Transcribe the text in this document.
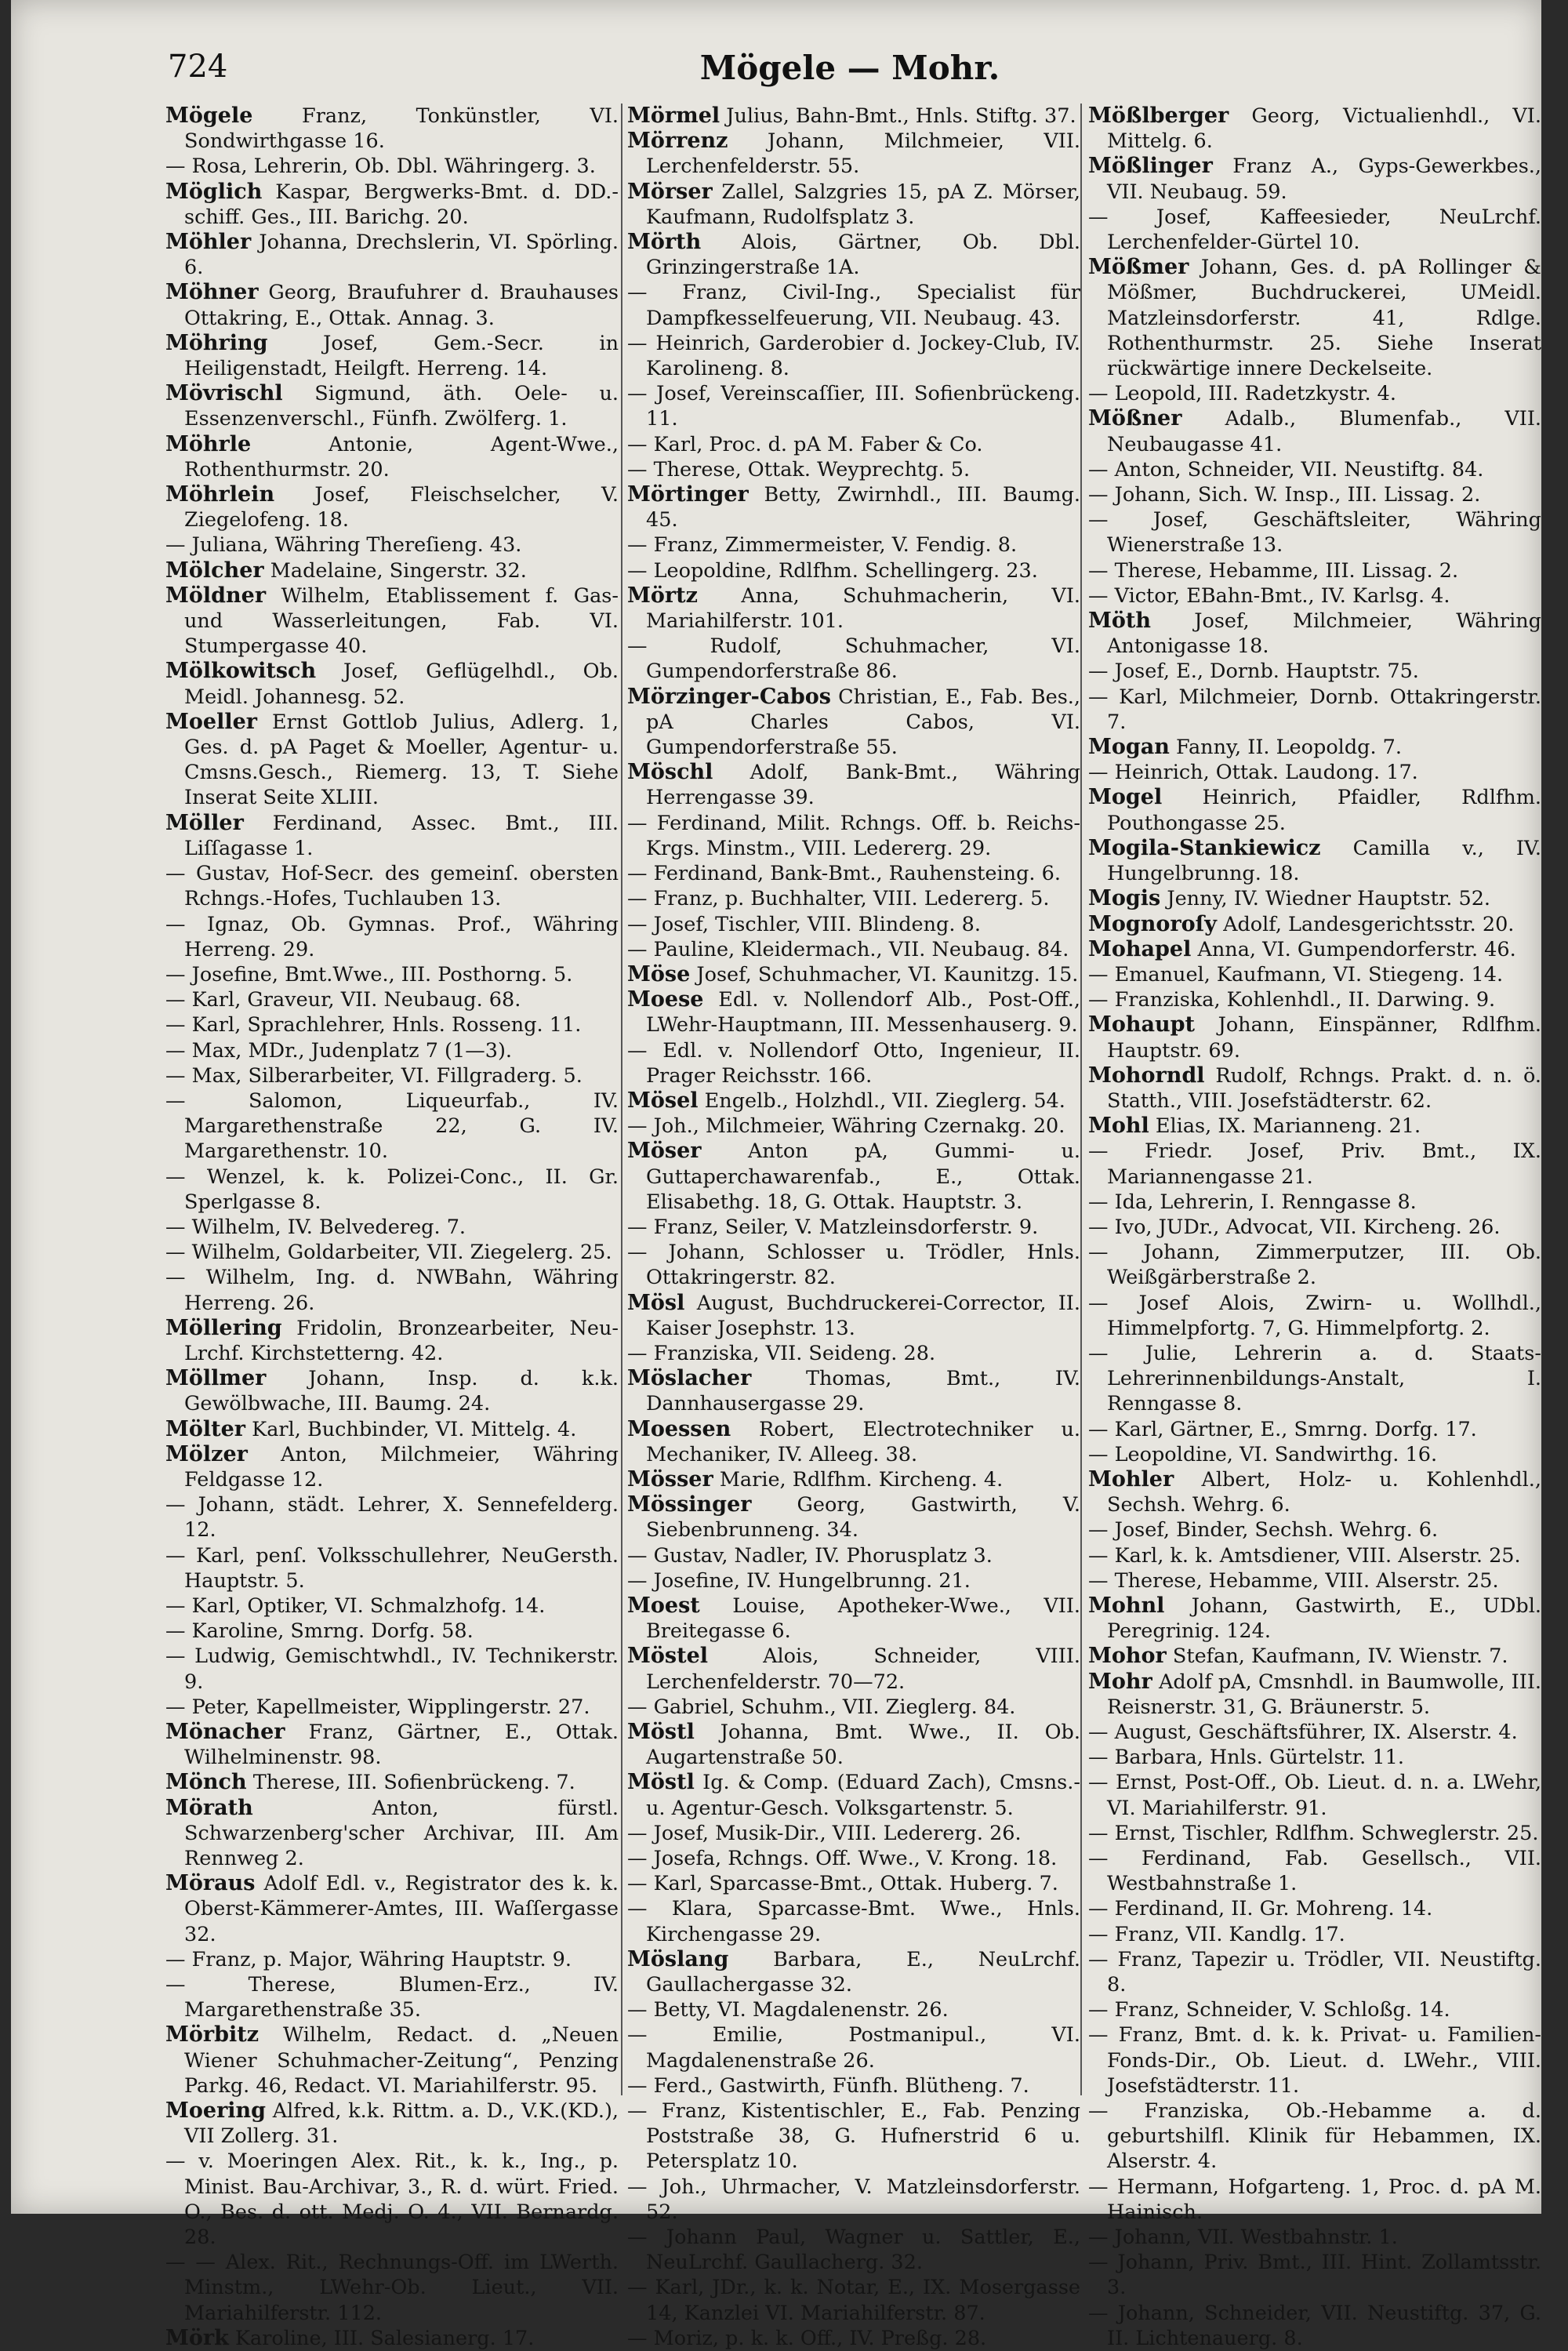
724	Mögele — Mohr.

Mögele Franz, Tonkünstler, VI. Sondwirthgasse 16.

— Rosa, Lehrerin, Ob. Dbl. Währingerg. 3.

Möglich Kaspar, Bergwerks-Bmt. d. DD.-schiff. Ges., III. Barichg. 20.

Möhler Johanna, Drechslerin, VI. Spörling. 6.

Möhner Georg, Braufuhrer d. Brauhauses Ottakring, E., Ottak. Annag. 3.

Möhring	Josef, Gem.-Secr. in Heiligenstadt, Heilgft. Herreng. 14.

Mövrischl Sigmund, äth. Oele- u. Essenzenverschl., Fünfh. Zwölferg. 1.

Möhrle	Antonie, Agent-Wwe., Rothenthurmstr. 20.

Möhrlein Josef, Fleischselcher, V. Ziegelofeng. 18.

— Juliana, Währing Thereſieng. 43.

Mölcher Madelaine, Singerstr. 32.

Möldner Wilhelm, Etablissement f. Gas- und Wasserleitungen, Fab. VI. Stumpergasse 40.

Mölkowitsch Josef, Geflügelhdl., Ob. Meidl. Johannesg. 52.

Moeller Ernst Gottlob Julius, Adlerg. 1, Ges. d. pA Paget & Moeller, Agentur- u. Cmsns.Gesch., Riemerg. 13, T. Siehe Inserat Seite XLIII.

Möller Ferdinand, Assec. Bmt., III. Liſſagasse 1.

— Gustav, Hof-Secr. des gemeinſ. obersten Rchngs.-Hofes, Tuchlauben 13.

— Ignaz, Ob. Gymnas. Prof., Währing Herreng. 29.

— Josefine, Bmt.Wwe., III. Posthorng. 5.

— Karl, Graveur, VII. Neubaug. 68.

— Karl, Sprachlehrer, Hnls. Rosseng. 11.

— Max, MDr., Judenplatz 7 (1—3).

— Max, Silberarbeiter, VI. Fillgraderg. 5.

— Salomon, Liqueurfab., IV. Margarethenstraße 22, G. IV. Margarethenstr. 10.

— Wenzel, k. k. Polizei-Conc., II. Gr. Sperlgasse 8.

— Wilhelm, IV. Belvedereg. 7.

— Wilhelm, Goldarbeiter, VII. Ziegelerg. 25.

— Wilhelm, Ing. d. NWBahn, Währing Herreng. 26.

Möllering Fridolin, Bronzearbeiter, Neu-Lrchf. Kirchstetterng. 42.

Möllmer Johann, Insp. d. k.k. Gewölbwache, III. Baumg. 24.

Mölter Karl, Buchbinder, VI. Mittelg. 4.

Mölzer Anton, Milchmeier, Währing Feldgasse 12.

— Johann, städt. Lehrer, X. Sennefelderg. 12.

— Karl, penſ. Volksschullehrer, NeuGersth. Hauptstr. 5.

— Karl, Optiker, VI. Schmalzhofg. 14.

— Karoline, Smrng. Dorfg. 58.

— Ludwig, Gemischtwhdl., IV. Technikerstr. 9.

— Peter, Kapellmeister, Wipplingerstr. 27.

Mönacher Franz, Gärtner, E., Ottak. Wilhelminenstr. 98.

Mönch Therese, III. Sofienbrückeng. 7.

Mörath	Anton, fürstl. Schwarzenberg'scher Archivar, III. Am Rennweg 2.

Möraus Adolf Edl. v., Registrator des k. k. Oberst-Kämmerer-Amtes, III. Waſſergasse 32.

— Franz, p. Major, Währing Hauptstr. 9.

— Therese, Blumen-Erz., IV. Margarethenstraße 35.

Mörbitz Wilhelm, Redact. d. „Neuen Wiener Schuhmacher-Zeitung“, Penzing Parkg. 46, Redact. VI. Mariahilferstr. 95.

Moering Alfred, k.k. Rittm. a. D., V.K.(KD.), VII Zollerg. 31.

— v. Moeringen Alex. Rit., k. k., Ing., p. Minist. Bau-Archivar, 3., R. d. würt. Fried. O., Bes. d. ott. Medj. O. 4., VII. Bernardg. 28.

— — Alex. Rit., Rechnungs-Off. im LWerth. Minstm., LWehr-Ob. Lieut., VII. Mariahilferstr. 112.

Mörk Karoline, III. Salesianerg. 17.

Mörmel Julius, Bahn-Bmt., Hnls. Stiftg. 37.

Mörrenz Johann, Milchmeier, VII. Lerchenfelderstr. 55.

Mörser Zallel, Salzgries 15, pA Z. Mörser, Kaufmann, Rudolfsplatz 3.

Mörth Alois, Gärtner, Ob. Dbl. Grinzingerstraße 1A.

— Franz, Civil-Ing., Specialist für Dampfkesselfeuerung, VII. Neubaug. 43.

— Heinrich, Garderobier d. Jockey-Club, IV. Karolineng. 8.

— Josef, Vereinscaſſier, III. Sofienbrückeng. 11.

— Karl, Proc. d. pA M. Faber & Co.

— Therese, Ottak. Weyprechtg. 5.

Mörtinger Betty, Zwirnhdl., III. Baumg. 45.

— Franz, Zimmermeister, V. Fendig. 8.

— Leopoldine, Rdlfhm. Schellingerg. 23.

Mörtz Anna, Schuhmacherin, VI. Mariahilferstr. 101.

— Rudolf, Schuhmacher, VI. Gumpendorferstraße 86.

Mörzinger-Cabos Christian, E., Fab. Bes., pA Charles Cabos, VI. Gumpendorferstraße 55.

Möschl Adolf, Bank-Bmt., Währing Herrengasse 39.

— Ferdinand, Milit. Rchngs. Off. b. Reichs-Krgs. Minstm., VIII. Ledererg. 29.

— Ferdinand, Bank-Bmt., Rauhensteing. 6.

— Franz, p. Buchhalter, VIII. Ledererg. 5.

— Josef, Tischler, VIII. Blindeng. 8.

— Pauline, Kleidermach., VII. Neubaug. 84.

Möse Josef, Schuhmacher, VI. Kaunitzg. 15.

Moese Edl. v. Nollendorf Alb., Post-Off., LWehr-Hauptmann, III. Messenhauserg. 9.

— Edl. v. Nollendorf Otto, Ingenieur, II. Prager Reichsstr. 166.

Mösel Engelb., Holzhdl., VII. Zieglerg. 54.

— Joh., Milchmeier, Währing Czernakg. 20.

Möser Anton pA, Gummi- u. Guttaperchawarenfab., E., Ottak. Elisabethg. 18, G. Ottak. Hauptstr. 3.

— Franz, Seiler, V. Matzleinsdorferstr. 9.

— Johann, Schlosser u. Trödler, Hnls. Ottakringerstr. 82.

Mösl August, Buchdruckerei-Corrector, II. Kaiser Josephstr. 13.

— Franziska, VII. Seideng. 28.

Möslacher	Thomas, Bmt., IV. Dannhausergasse 29.

Moessen Robert, Electrotechniker u. Mechaniker, IV. Alleeg. 38.

Mösser Marie, Rdlfhm. Kircheng. 4.

Mössinger Georg, Gastwirth, V. Siebenbrunneng. 34.

— Gustav, Nadler, IV. Phorusplatz 3.

— Josefine, IV. Hungelbrunng. 21.

Moest Louise, Apotheker-Wwe., VII. Breitegasse 6.

Möstel	Alois, Schneider, VIII. Lerchenfelderstr. 70—72.

— Gabriel, Schuhm., VII. Zieglerg. 84.

Möstl Johanna, Bmt. Wwe., II. Ob. Augartenstraße 50.

Möstl Ig. & Comp. (Eduard Zach), Cmsns.- u. Agentur-Gesch. Volksgartenstr. 5.

— Josef, Musik-Dir., VIII. Ledererg. 26.

— Josefa, Rchngs. Off. Wwe., V. Krong. 18.

— Karl, Sparcasse-Bmt., Ottak. Huberg. 7.

— Klara, Sparcasse-Bmt. Wwe., Hnls. Kirchengasse 29.

Möslang Barbara, E., NeuLrchf. Gaullachergasse 32.

— Betty, VI. Magdalenenstr. 26.

— Emilie, Postmanipul., VI. Magdalenenstraße 26.

— Ferd., Gastwirth, Fünfh. Blütheng. 7.

— Franz, Kistentischler, E., Fab. Penzing Poststraße 38, G. Hufnerstrid 6 u. Petersplatz 10.

— Joh., Uhrmacher, V. Matzleinsdorferstr. 52.

— Johann Paul, Wagner u. Sattler, E., NeuLrchf. Gaullacherg. 32.

— Karl, JDr., k. k. Notar, E., IX. Mosergasse 14, Kanzlei VI. Mariahilferstr. 87.

— Moriz, p. k. k. Off., IV. Preßg. 28.

Mößlberger Georg, Victualienhdl., VI. Mittelg. 6.

Mößlinger Franz A., Gyps-Gewerkbes., VII. Neubaug. 59.

— Josef, Kaffeesieder, NeuLrchf. Lerchenfelder-Gürtel 10.

Mößmer Johann, Ges. d. pA Rollinger & Mößmer, Buchdruckerei, UMeidl. Matzleinsdorferstr. 41, Rdlge. Rothenthurmstr. 25. Siehe Inserat rückwärtige innere Deckelseite.

— Leopold, III. Radetzkystr. 4.

Mößner Adalb., Blumenfab., VII. Neubaugasse 41.

— Anton, Schneider, VII. Neustiftg. 84.

— Johann, Sich. W. Insp., III. Lissag. 2.

— Josef, Geschäftsleiter, Währing Wienerstraße 13.

— Therese, Hebamme, III. Lissag. 2.

— Victor, EBahn-Bmt., IV. Karlsg. 4.

Möth Josef, Milchmeier, Währing Antonigasse 18.

— Josef, E., Dornb. Hauptstr. 75.

— Karl, Milchmeier, Dornb. Ottakringerstr. 7.

Mogan Fanny, II. Leopoldg. 7.

— Heinrich, Ottak. Laudong. 17.

Mogel Heinrich, Pfaidler, Rdlfhm. Pouthongasse 25.

Mogila-Stankiewicz Camilla v., IV. Hungelbrunng. 18.

Mogis Jenny, IV. Wiedner Hauptstr. 52.

Mognoroſy Adolf, Landesgerichtsstr. 20.

Mohapel Anna, VI. Gumpendorferstr. 46.

— Emanuel, Kaufmann, VI. Stiegeng. 14.

— Franziska, Kohlenhdl., II. Darwing. 9.

Mohaupt Johann, Einspänner, Rdlfhm. Hauptstr. 69.

Mohorndl Rudolf, Rchngs. Prakt. d. n. ö. Statth., VIII. Josefstädterstr. 62.

Mohl Elias, IX. Marianneng. 21.

— Friedr. Josef, Priv. Bmt., IX. Mariannengasse 21.

— Ida, Lehrerin, I. Renngasse 8.

— Ivo, JUDr., Advocat, VII. Kircheng. 26.

— Johann, Zimmerputzer, III. Ob. Weißgärberstraße 2.

— Josef Alois, Zwirn- u. Wollhdl., Himmelpfortg. 7, G. Himmelpfortg. 2.

— Julie, Lehrerin a. d. Staats-Lehrerinnenbildungs-Anstalt, I. Renngasse 8.

— Karl, Gärtner, E., Smrng. Dorfg. 17.

— Leopoldine, VI. Sandwirthg. 16.

Mohler Albert, Holz- u. Kohlenhdl., Sechsh. Wehrg. 6.

— Josef, Binder, Sechsh. Wehrg. 6.

— Karl, k. k. Amtsdiener, VIII. Alserstr. 25.

— Therese, Hebamme, VIII. Alserstr. 25.

Mohnl Johann, Gastwirth, E., UDbl. Peregrinig. 124.

Mohor Stefan, Kaufmann, IV. Wienstr. 7.

Mohr Adolf pA, Cmsnhdl. in Baumwolle, III. Reisnerstr. 31, G. Bräunerstr. 5.

— August, Geschäftsführer, IX. Alserstr. 4.

— Barbara, Hnls. Gürtelstr. 11.

— Ernst, Post-Off., Ob. Lieut. d. n. a. LWehr, VI. Mariahilferstr. 91.

— Ernst, Tischler, Rdlfhm. Schweglerstr. 25.

— Ferdinand, Fab. Gesellsch., VII. Westbahnstraße 1.

— Ferdinand, II. Gr. Mohreng. 14.

— Franz, VII. Kandlg. 17.

— Franz, Tapezir u. Trödler, VII. Neustiftg. 8.

— Franz, Schneider, V. Schloßg. 14.

— Franz, Bmt. d. k. k. Privat- u. Familien-Fonds-Dir., Ob. Lieut. d. LWehr., VIII. Josefstädterstr. 11.

— Franziska, Ob.-Hebamme a. d. geburtshilfl. Klinik für Hebammen, IX. Alserstr. 4.

— Hermann, Hofgarteng. 1, Proc. d. pA M. Hainisch.

— Johann, VII. Westbahnstr. 1.

— Johann, Priv. Bmt., III. Hint. Zollamtsstr. 3.

— Johann, Schneider, VII. Neustiftg. 37, G. II. Lichtenauerg. 8.
